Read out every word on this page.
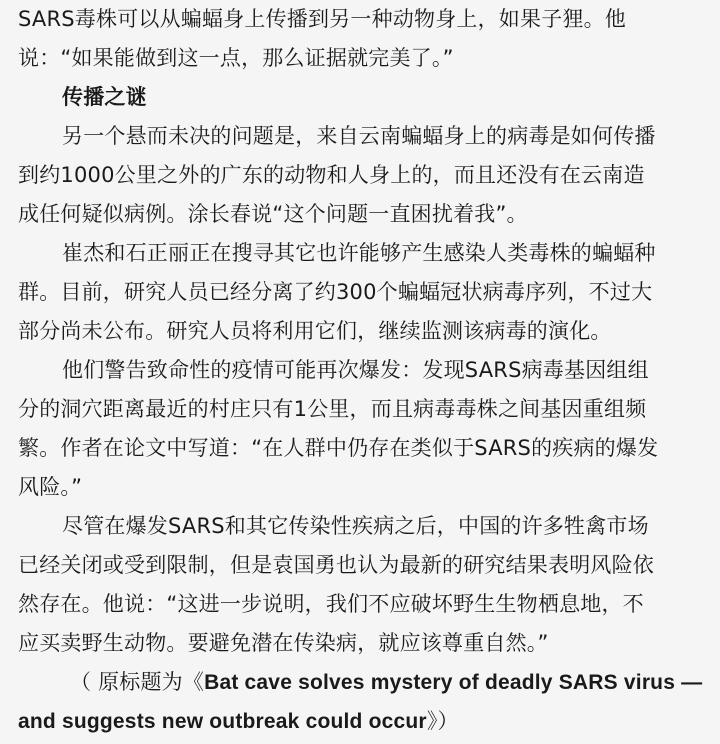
SARS毒株可以从蝙蝠身上传播到另一种动物身上，如果子狸。他
说：“如果能做到这一点，那么证据就完美了。”
传播之谜
另一个悬而未决的问题是，来自云南蝙蝠身上的病毒是如何传播
到约1000公里之外的广东的动物和人身上的，而且还没有在云南造
成任何疑似病例。涂长春说“这个问题一直困扰着我”。
崔杰和石正丽正在搜寻其它也许能够产生感染人类毒株的蝙蝠种
群。目前，研究人员已经分离了约300个蝙蝠冠状病毒序列，不过大
部分尚未公布。研究人员将利用它们，继续监测该病毒的演化。
他们警告致命性的疫情可能再次爆发：发现SARS病毒基因组组
分的洞穴距离最近的村庄只有1公里，而且病毒毒株之间基因重组频
繁。作者在论文中写道：“在人群中仍存在类似于SARS的疾病的爆发
风险。”
尽管在爆发SARS和其它传染性疾病之后，中国的许多牲禽市场
已经关闭或受到限制，但是袁国勇也认为最新的研究结果表明风险依
然存在。他说：“这进一步说明，我们不应破坏野生生物栖息地，不
应买卖野生动物。要避免潜在传染病，就应该尊重自然。”
（ 原标题为《Bat cave solves mystery of deadly SARS virus —
and suggests new outbreak could occur》）
